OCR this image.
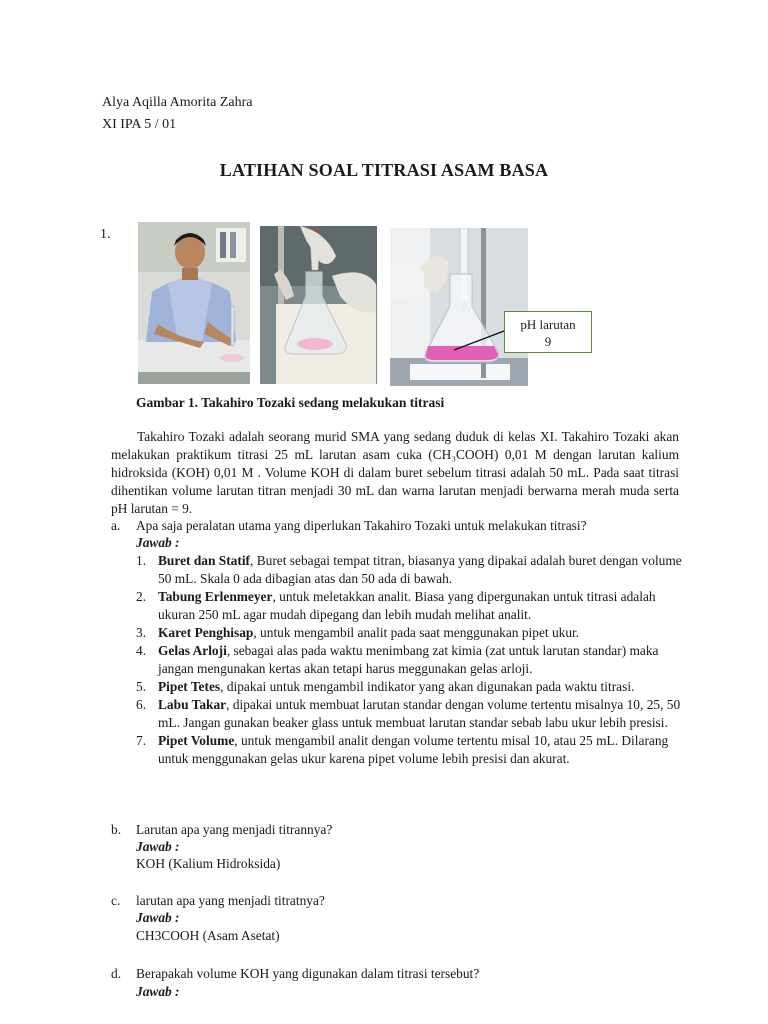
Alya Aqilla Amorita Zahra
XI IPA 5 / 01
LATIHAN SOAL TITRASI ASAM BASA
1.
pH larutan
9
Gambar 1. Takahiro Tozaki sedang melakukan titrasi

Takahiro Tozaki adalah seorang murid SMA yang sedang duduk di kelas XI. Takahiro Tozaki akan melakukan praktikum titrasi 25 mL larutan asam cuka (CH₃COOH) 0,01 M dengan larutan kalium hidroksida (KOH) 0,01 M . Volume KOH di dalam buret sebelum titrasi adalah 50 mL. Pada saat titrasi dihentikan volume larutan titran menjadi 30 mL dan warna larutan menjadi berwarna merah muda serta pH larutan = 9.

a.	Apa saja peralatan utama yang diperlukan Takahiro Tozaki untuk melakukan titrasi?
Jawab :
1. Buret dan Statif, Buret sebagai tempat titran, biasanya yang dipakai adalah buret dengan volume 50 mL. Skala 0 ada dibagian atas dan 50 ada di bawah.
2. Tabung Erlenmeyer, untuk meletakkan analit. Biasa yang dipergunakan untuk titrasi adalah ukuran 250 mL agar mudah dipegang dan lebih mudah melihat analit.
3. Karet Penghisap, untuk mengambil analit pada saat menggunakan pipet ukur.
4. Gelas Arloji, sebagai alas pada waktu menimbang zat kimia (zat untuk larutan standar) maka jangan mengunakan kertas akan tetapi harus meggunakan gelas arloji.
5. Pipet Tetes, dipakai untuk mengambil indikator yang akan digunakan pada waktu titrasi.
6. Labu Takar, dipakai untuk membuat larutan standar dengan volume tertentu misalnya 10, 25, 50 mL. Jangan gunakan beaker glass untuk membuat larutan standar sebab labu ukur lebih presisi.
7. Pipet Volume, untuk mengambil analit dengan volume tertentu misal 10, atau 25 mL. Dilarang untuk menggunakan gelas ukur karena pipet volume lebih presisi dan akurat.
b.	Larutan apa yang menjadi titrannya?
Jawab :
KOH (Kalium Hidroksida)
c.	larutan apa yang menjadi titratnya?
Jawab :
CH3COOH (Asam Asetat)
d.	Berapakah volume KOH yang digunakan dalam titrasi tersebut?
Jawab :
